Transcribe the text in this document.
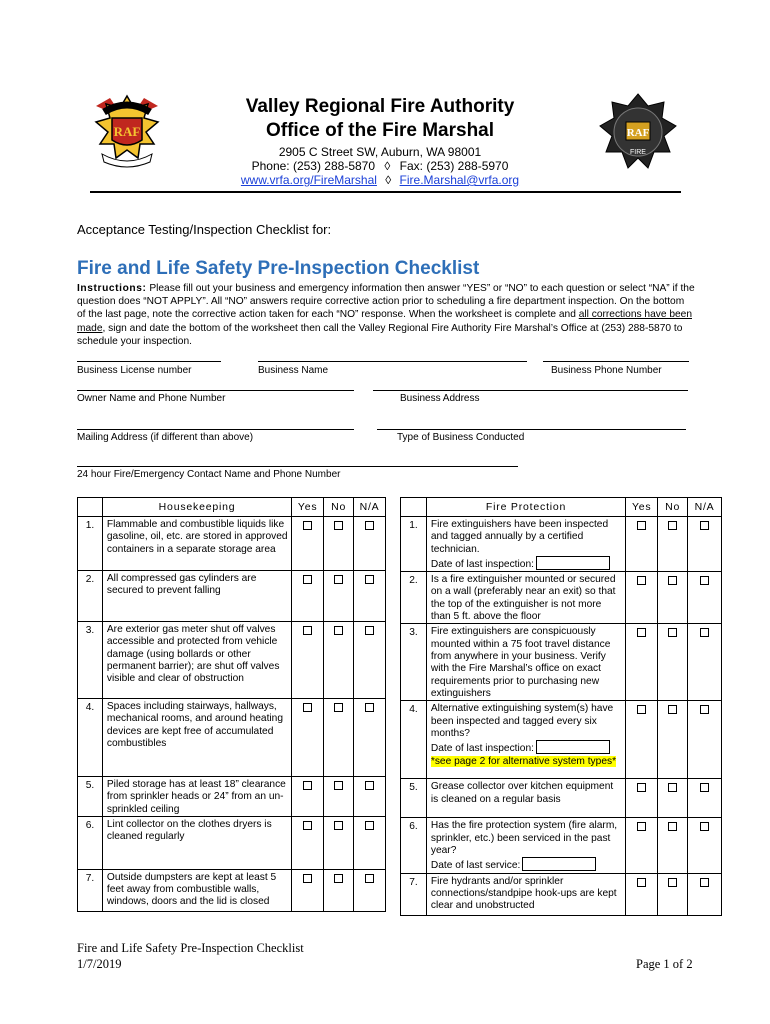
RAF	RAF
FIRE
Valley Regional Fire Authority
Office of the Fire Marshal
2905 C Street SW, Auburn, WA 98001
Phone: (253) 288-5870 ◊ Fax: (253) 288-5970
www.vrfa.org/FireMarshal ◊ Fire.Marshal@vrfa.org
Acceptance Testing/Inspection Checklist for:
Fire and Life Safety Pre-Inspection Checklist
Instructions: Please fill out your business and emergency information then answer “YES” or “NO” to each question or select “NA” if the question does “NOT APPLY”. All “NO” answers require corrective action prior to scheduling a fire department inspection. On the bottom of the last page, note the corrective action taken for each “NO” response. When the worksheet is complete and all corrections have been made, sign and date the bottom of the worksheet then call the Valley Regional Fire Authority Fire Marshal’s Office at (253) 288-5870 to schedule your inspection.
Business License number	Business Name	Business Phone Number
Owner Name and Phone Number	Business Address
Mailing Address (if different than above)	Type of Business Conducted
24 hour Fire/Emergency Contact Name and Phone Number
	Housekeeping	Yes	No	N/A
1.	Flammable and combustible liquids like gasoline, oil, etc. are stored in approved containers in a separate storage area			
2.	All compressed gas cylinders are secured to prevent falling			
3.	Are exterior gas meter shut off valves accessible and protected from vehicle damage (using bollards or other permanent barrier); are shut off valves visible and clear of obstruction			
4.	Spaces including stairways, hallways, mechanical rooms, and around heating devices are kept free of accumulated combustibles			
5.	Piled storage has at least 18” clearance from sprinkler heads or 24” from an un-sprinkled ceiling			
6.	Lint collector on the clothes dryers is cleaned regularly			
7.	Outside dumpsters are kept at least 5 feet away from combustible walls, windows, doors and the lid is closed			
	Fire Protection	Yes	No	N/A
1.	Fire extinguishers have been inspected and tagged annually by a certified technician.
Date of last inspection:			
2.	Is a fire extinguisher mounted or secured on a wall (preferably near an exit) so that the top of the extinguisher is not more than 5 ft. above the floor			
3.	Fire extinguishers are conspicuously mounted within a 75 foot travel distance from anywhere in your business. Verify with the Fire Marshal’s office on exact requirements prior to purchasing new extinguishers			
4.	Alternative extinguishing system(s) have been inspected and tagged every six months?
Date of last inspection:
*see page 2 for alternative system types*			
5.	Grease collector over kitchen equipment is cleaned on a regular basis			
6.	Has the fire protection system (fire alarm, sprinkler, etc.) been serviced in the past year?
Date of last service:			
7.	Fire hydrants and/or sprinkler connections/standpipe hook-ups are kept clear and unobstructed			
Fire and Life Safety Pre-Inspection Checklist
1/7/2019	Page 1 of 2
